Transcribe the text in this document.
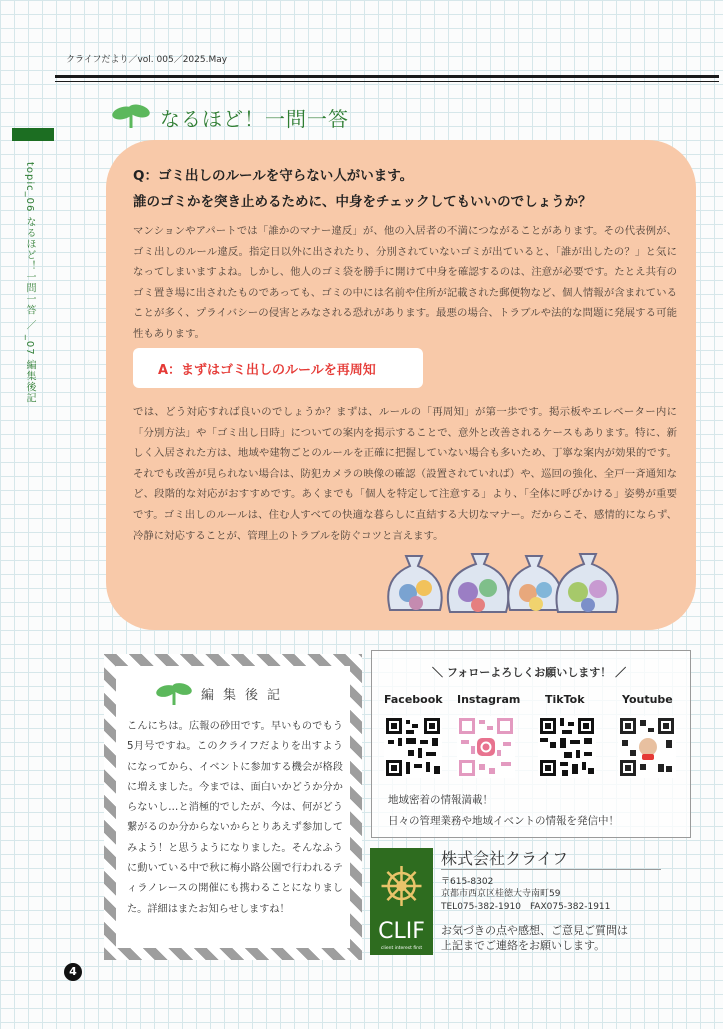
クライフだより／vol. 005／2025.May
topic_06 なるほど！一問一答 ／ _07 編集後記
なるほど！一問一答
Q：ゴミ出しのルールを守らない人がいます。
誰のゴミかを突き止めるために、中身をチェックしてもいいのでしょうか？

マンションやアパートでは「誰かのマナー違反」が、他の入居者の不満につながることがあります。その代表例が、ゴミ出しのルール違反。指定日以外に出されたり、分別されていないゴミが出ていると、「誰が出したの？」と気になってしまいますよね。しかし、他人のゴミ袋を勝手に開けて中身を確認するのは、注意が必要です。たとえ共有のゴミ置き場に出されたものであっても、ゴミの中には名前や住所が記載された郵便物など、個人情報が含まれていることが多く、プライバシーの侵害とみなされる恐れがあります。最悪の場合、トラブルや法的な問題に発展する可能性もあります。

A：まずはゴミ出しのルールを再周知

では、どう対応すれば良いのでしょうか？まずは、ルールの「再周知」が第一歩です。掲示板やエレベーター内に「分別方法」や「ゴミ出し日時」についての案内を掲示することで、意外と改善されるケースもあります。特に、新しく入居された方は、地域や建物ごとのルールを正確に把握していない場合も多いため、丁寧な案内が効果的です。それでも改善が見られない場合は、防犯カメラの映像の確認（設置されていれば）や、巡回の強化、全戸一斉通知など、段階的な対応がおすすめです。あくまでも「個人を特定して注意する」より、「全体に呼びかける」姿勢が重要です。ゴミ出しのルールは、住む人すべての快適な暮らしに直結する大切なマナー。だからこそ、感情的にならず、冷静に対応することが、管理上のトラブルを防ぐコツと言えます。

編集後記

こんにちは。広報の砂田です。早いものでもう5月号ですね。このクライフだよりを出すようになってから、イベントに参加する機会が格段に増えました。今までは、面白いかどうか分からないし…と消極的でしたが、今は、何がどう繋がるのか分からないからとりあえず参加してみよう！と思うようになりました。そんなふうに動いている中で秋に梅小路公園で行われるティラノレースの開催にも携わることになりました。詳細はまたお知らせしますね！

＼ フォローよろしくお願いします！ ／
Facebook Instagram TikTok	Youtube
地域密着の情報満載！
日々の管理業務や地域イベントの情報を発信中！
CLIF
client interest first
株式会社クライフ
〒615-8302
京都市西京区桂徳大寺南町59
TEL075-382-1910　FAX075-382-1911
お気づきの点や感想、ご意見ご質問は
上記までご連絡をお願いします。
4
